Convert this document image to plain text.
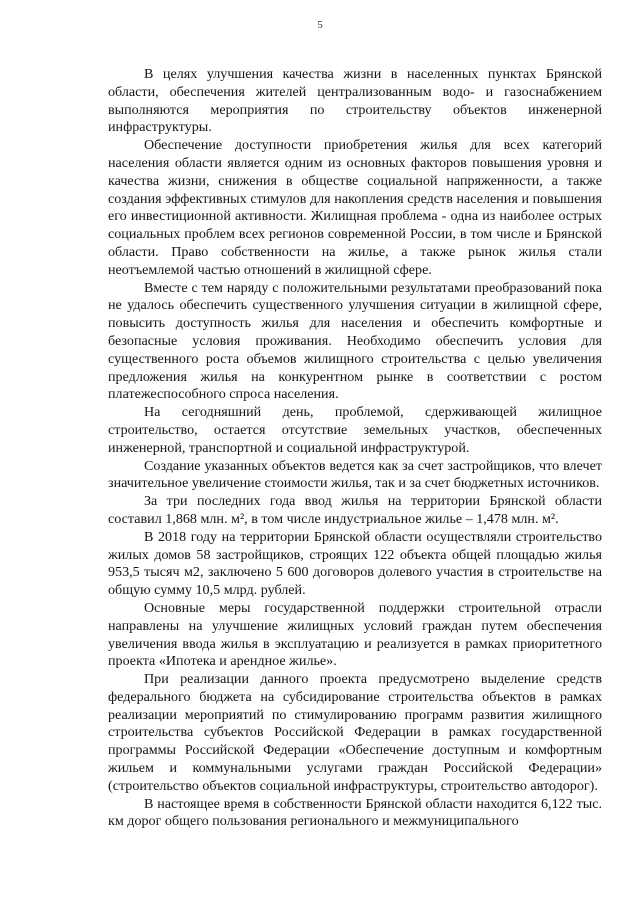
5

В целях улучшения качества жизни в населенных пунктах Брянской области, обеспечения жителей централизованным водо- и газоснабжением выполняются мероприятия по строительству объектов инженерной инфраструктуры.

Обеспечение доступности приобретения жилья для всех категорий населения области является одним из основных факторов повышения уровня и качества жизни, снижения в обществе социальной напряженности, а также создания эффективных стимулов для накопления средств населения и повышения его инвестиционной активности. Жилищная проблема - одна из наиболее острых социальных проблем всех регионов современной России, в том числе и Брянской области. Право собственности на жилье, а также рынок жилья стали неотъемлемой частью отношений в жилищной сфере.

Вместе с тем наряду с положительными результатами преобразований пока не удалось обеспечить существенного улучшения ситуации в жилищной сфере, повысить доступность жилья для населения и обеспечить комфортные и безопасные условия проживания. Необходимо обеспечить условия для существенного роста объемов жилищного строительства с целью увеличения предложения жилья на конкурентном рынке в соответствии с ростом платежеспособного спроса населения.

На сегодняшний день, проблемой, сдерживающей жилищное строительство, остается отсутствие земельных участков, обеспеченных инженерной, транспортной и социальной инфраструктурой.

Создание указанных объектов ведется как за счет застройщиков, что влечет значительное увеличение стоимости жилья, так и за счет бюджетных источников.

За три последних года ввод жилья на территории Брянской области составил 1,868 млн. м², в том числе индустриальное жилье – 1,478 млн. м².

В 2018 году на территории Брянской области осуществляли строительство жилых домов 58 застройщиков, строящих 122 объекта общей площадью жилья 953,5 тысяч м2, заключено 5 600 договоров долевого участия в строительстве на общую сумму 10,5 млрд. рублей.

Основные меры государственной поддержки строительной отрасли направлены на улучшение жилищных условий граждан путем обеспечения увеличения ввода жилья в эксплуатацию и реализуется в рамках приоритетного проекта «Ипотека и арендное жилье».

При реализации данного проекта предусмотрено выделение средств федерального бюджета на субсидирование строительства объектов в рамках реализации мероприятий по стимулированию программ развития жилищного строительства субъектов Российской Федерации в рамках государственной программы Российской Федерации «Обеспечение доступным и комфортным жильем и коммунальными услугами граждан Российской Федерации» (строительство объектов социальной инфраструктуры, строительство автодорог).

В настоящее время в собственности Брянской области находится 6,122 тыс. км дорог общего пользования регионального и межмуниципального
